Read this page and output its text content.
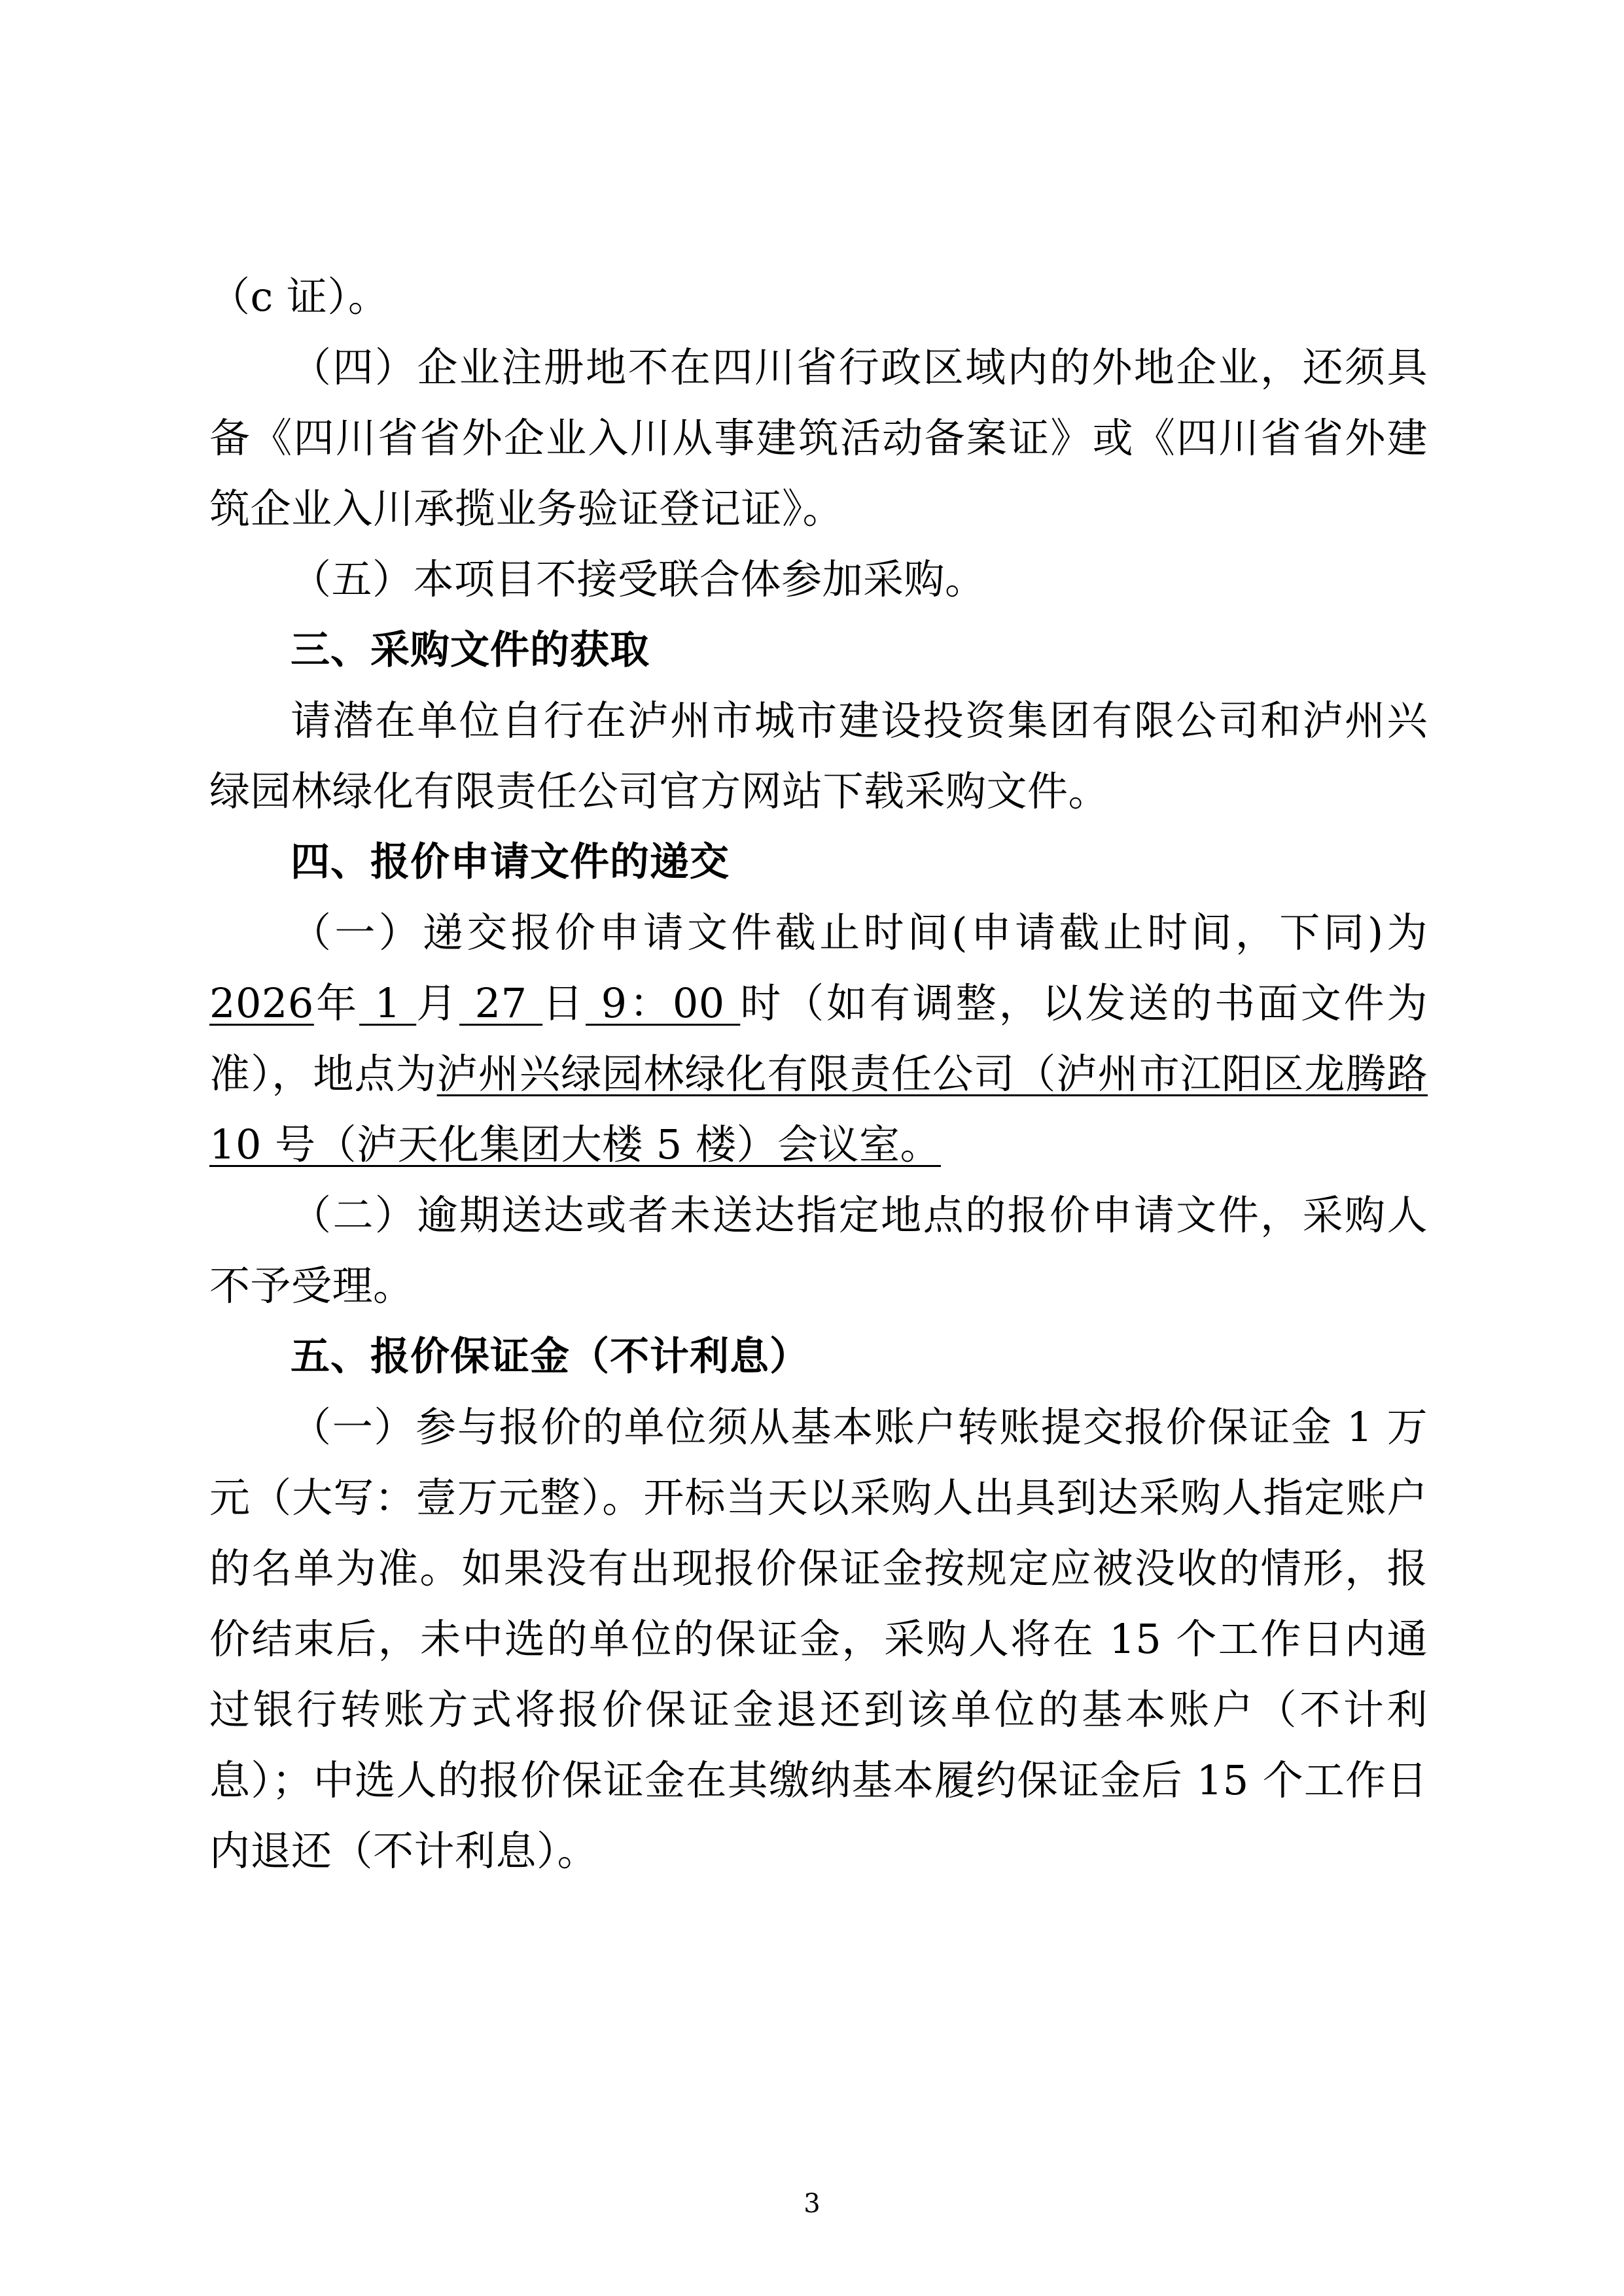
（c 证）。

（四）企业注册地不在四川省行政区域内的外地企业，还须具备《四川省省外企业入川从事建筑活动备案证》或《四川省省外建筑企业入川承揽业务验证登记证》。

（五）本项目不接受联合体参加采购。

三、采购文件的获取

请潜在单位自行在泸州市城市建设投资集团有限公司和泸州兴绿园林绿化有限责任公司官方网站下载采购文件。

四、报价申请文件的递交

（一）递交报价申请文件截止时间(申请截止时间，下同)为2026年 1 月 27 日 9：00 时（如有调整，以发送的书面文件为准），地点为泸州兴绿园林绿化有限责任公司（泸州市江阳区龙腾路 10 号（泸天化集团大楼 5 楼）会议室。

（二）逾期送达或者未送达指定地点的报价申请文件，采购人不予受理。

五、报价保证金（不计利息）

（一）参与报价的单位须从基本账户转账提交报价保证金 1 万元（大写：壹万元整）。开标当天以采购人出具到达采购人指定账户的名单为准。如果没有出现报价保证金按规定应被没收的情形，报价结束后，未中选的单位的保证金，采购人将在 15 个工作日内通过银行转账方式将报价保证金退还到该单位的基本账户（不计利息）；中选人的报价保证金在其缴纳基本履约保证金后 15 个工作日内退还（不计利息）。

3
